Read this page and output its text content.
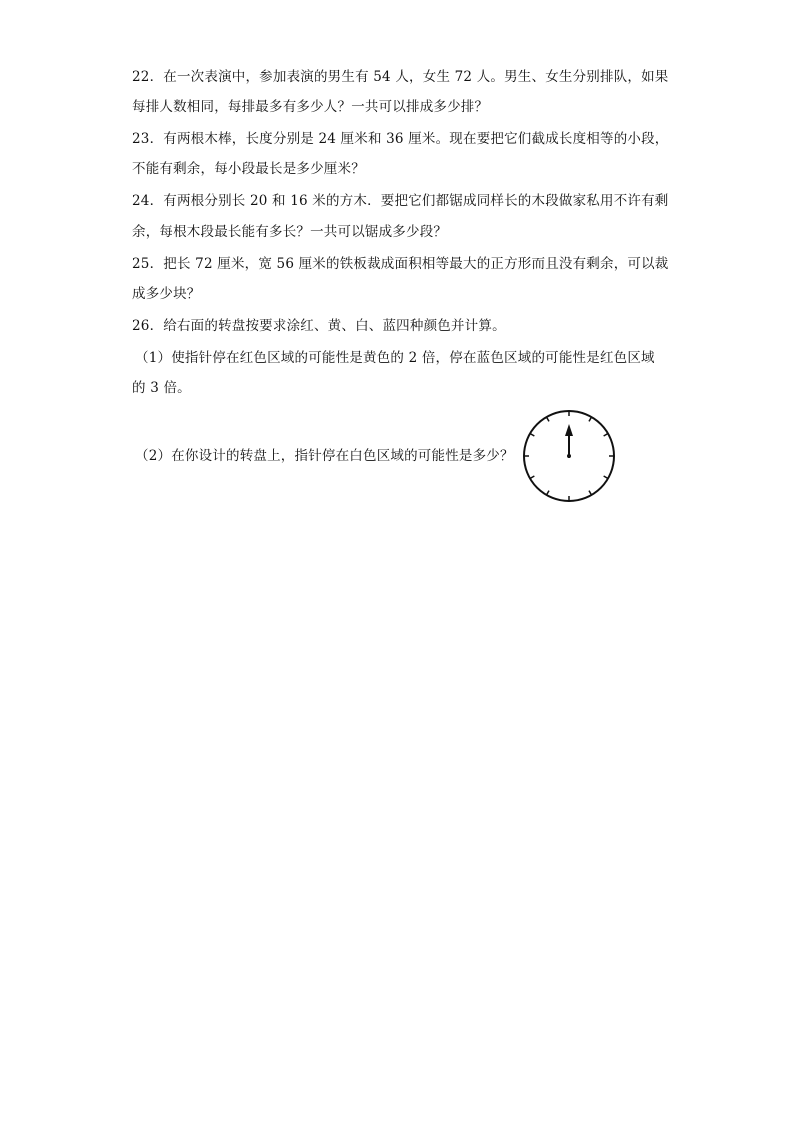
22．在一次表演中，参加表演的男生有 54 人，女生 72 人。男生、女生分别排队，如果
每排人数相同，每排最多有多少人？一共可以排成多少排？
23．有两根木棒，长度分别是 24 厘米和 36 厘米。现在要把它们截成长度相等的小段，
不能有剩余，每小段最长是多少厘米？
24．有两根分别长 20 和 16 米的方木．要把它们都锯成同样长的木段做家私用不许有剩
余，每根木段最长能有多长？一共可以锯成多少段？
25．把长 72 厘米，宽 56 厘米的铁板裁成面积相等最大的正方形而且没有剩余，可以裁
成多少块？
26．给右面的转盘按要求涂红、黄、白、蓝四种颜色并计算。
（1）使指针停在红色区域的可能性是黄色的 2 倍，停在蓝色区域的可能性是红色区域
的 3 倍。
（2）在你设计的转盘上，指针停在白色区域的可能性是多少？
